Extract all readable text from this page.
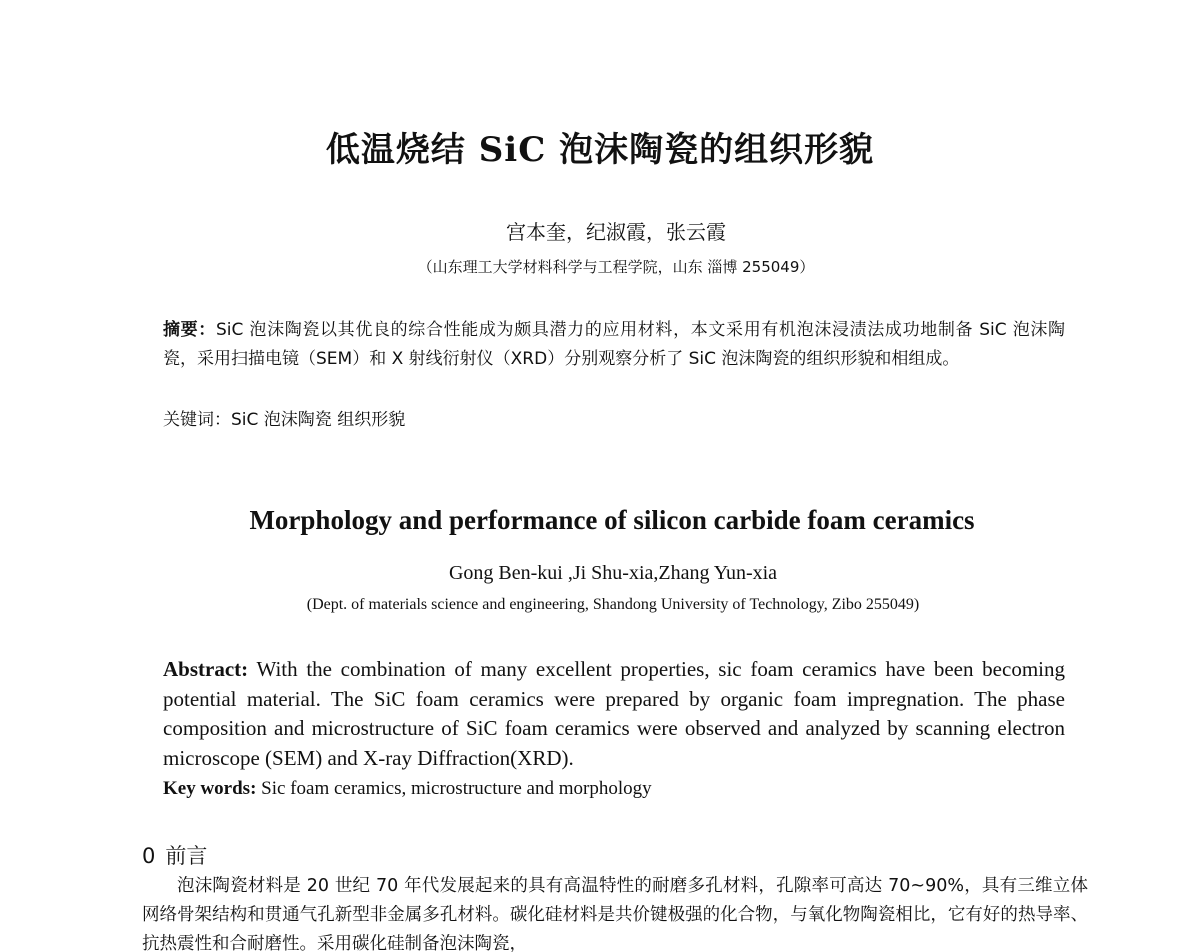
低温烧结 SiC 泡沫陶瓷的组织形貌
宫本奎，纪淑霞，张云霞
（山东理工大学材料科学与工程学院，山东 淄博 255049）
摘要：SiC 泡沫陶瓷以其优良的综合性能成为颇具潜力的应用材料，本文采用有机泡沫浸渍法成功地制备 SiC 泡沫陶瓷，采用扫描电镜（SEM）和 X 射线衍射仪（XRD）分别观察分析了 SiC 泡沫陶瓷的组织形貌和相组成。
关键词：SiC 泡沫陶瓷 组织形貌
Morphology and performance of silicon carbide foam ceramics
Gong Ben-kui ,Ji Shu-xia,Zhang Yun-xia
(Dept. of materials science and engineering, Shandong University of Technology, Zibo 255049)
Abstract: With the combination of many excellent properties, sic foam ceramics have been becoming potential material. The SiC foam ceramics were prepared by organic foam impregnation. The phase composition and microstructure of SiC foam ceramics were observed and analyzed by scanning electron microscope (SEM) and X-ray Diffraction(XRD).
Key words: Sic foam ceramics, microstructure and morphology
0 前言
泡沫陶瓷材料是 20 世纪 70 年代发展起来的具有高温特性的耐磨多孔材料，孔隙率可高达 70~90%，具有三维立体网络骨架结构和贯通气孔新型非金属多孔材料。碳化硅材料是共价键极强的化合物，与氧化物陶瓷相比，它有好的热导率、抗热震性和合耐磨性。采用碳化硅制备泡沫陶瓷，
